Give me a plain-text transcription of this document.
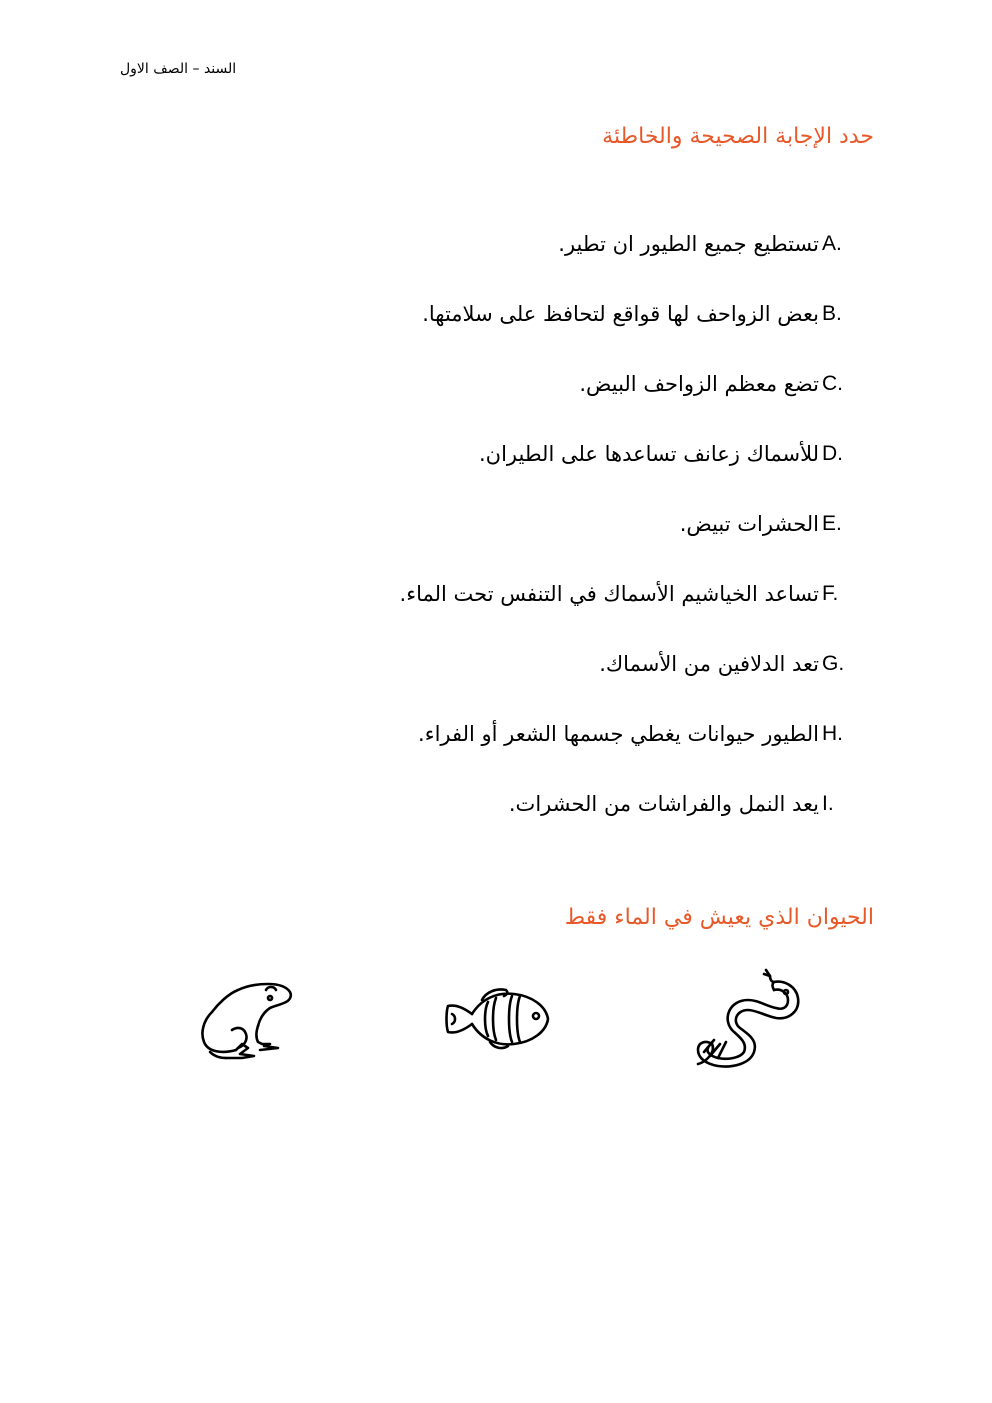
السند – الصف الاول
حدد الإجابة الصحيحة والخاطئة
تستطيع جميع الطيور ان تطير. A.
بعض الزواحف لها قواقع لتحافظ على سلامتها. B.
تضع معظم الزواحف البيض. C.
للأسماك زعانف تساعدها على الطيران. D.
الحشرات تبيض. E.
تساعد الخياشيم الأسماك في التنفس تحت الماء. F.
تعد الدلافين من الأسماك. G.
الطيور حيوانات يغطي جسمها الشعر أو الفراء. H.
يعد النمل والفراشات من الحشرات. I.
الحيوان الذي يعيش في الماء فقط
